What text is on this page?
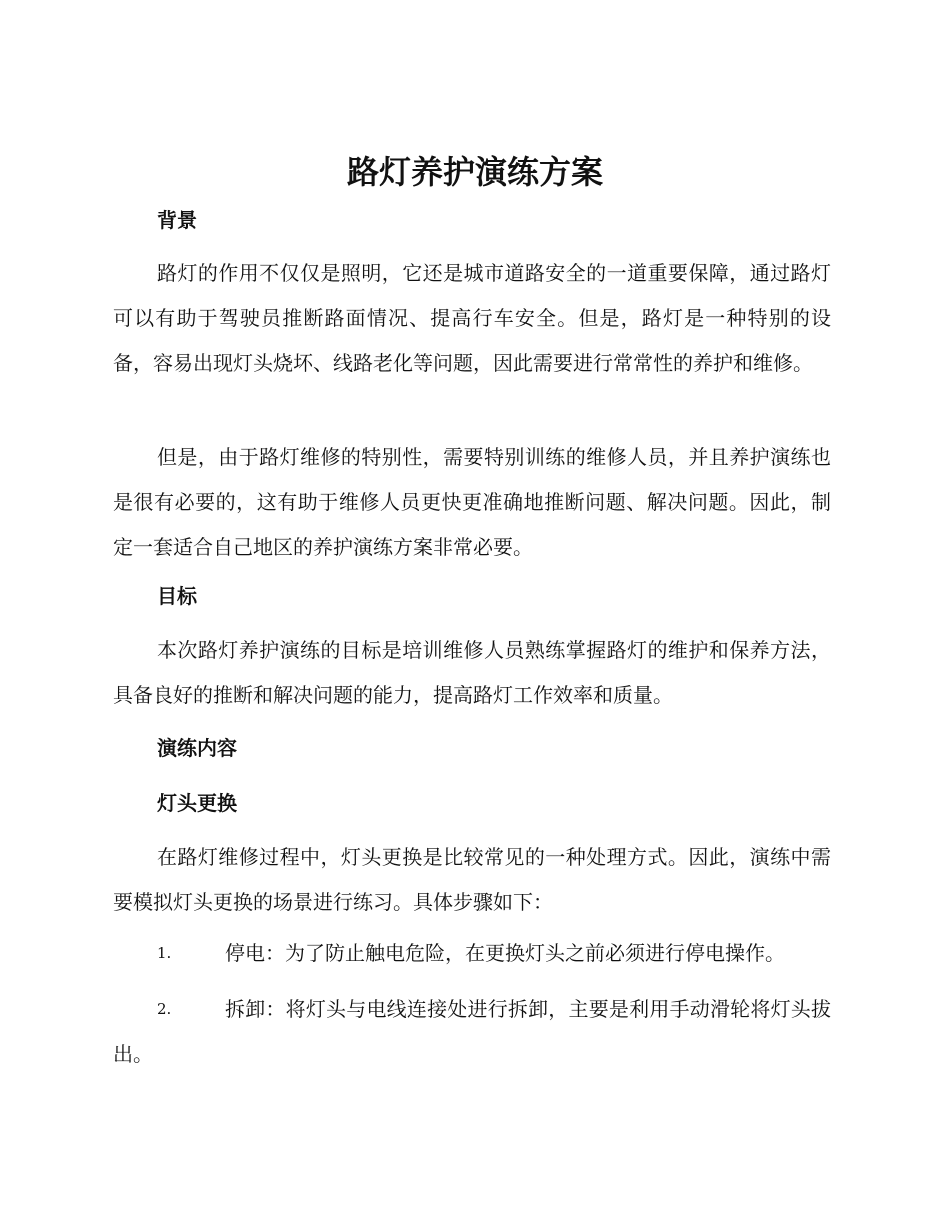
路灯养护演练方案
背景

路灯的作用不仅仅是照明，它还是城市道路安全的一道重要保障，通过路灯可以有助于驾驶员推断路面情况、提高行车安全。但是，路灯是一种特别的设备，容易出现灯头烧坏、线路老化等问题，因此需要进行常常性的养护和维修。

但是，由于路灯维修的特别性，需要特别训练的维修人员，并且养护演练也是很有必要的，这有助于维修人员更快更准确地推断问题、解决问题。因此，制定一套适合自己地区的养护演练方案非常必要。

目标

本次路灯养护演练的目标是培训维修人员熟练掌握路灯的维护和保养方法，具备良好的推断和解决问题的能力，提高路灯工作效率和质量。

演练内容
灯头更换

在路灯维修过程中，灯头更换是比较常见的一种处理方式。因此，演练中需要模拟灯头更换的场景进行练习。具体步骤如下：

1.	停电：为了防止触电危险，在更换灯头之前必须进行停电操作。
2.	拆卸：将灯头与电线连接处进行拆卸，主要是利用手动滑轮将灯头拔出。
